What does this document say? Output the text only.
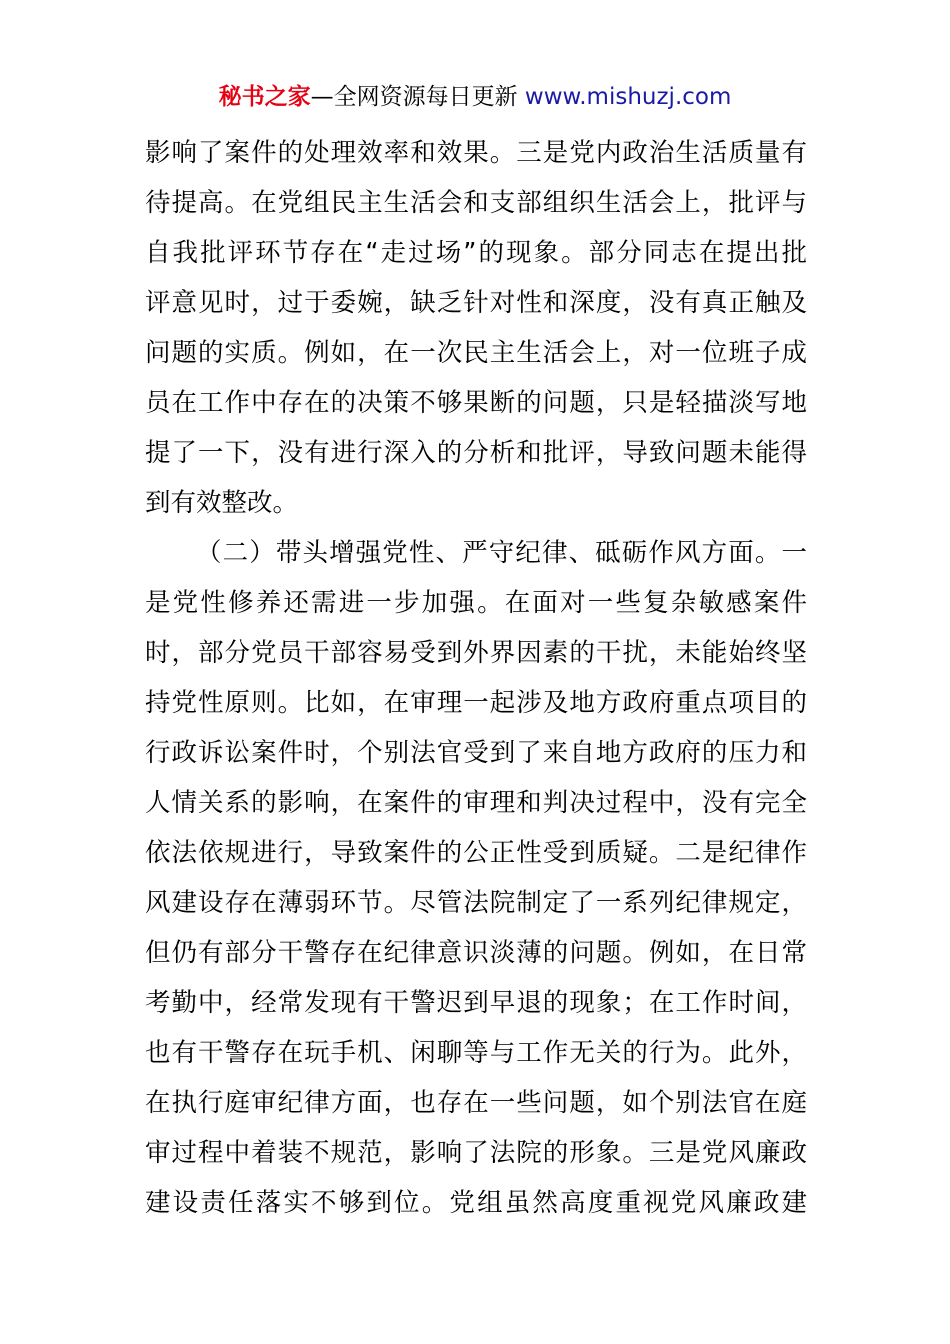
秘书之家—全网资源每日更新 www.mishuzj.com
影响了案件的处理效率和效果。三是党内政治生活质量有
待提高。在党组民主生活会和支部组织生活会上，批评与
自我批评环节存在“走过场”的现象。部分同志在提出批
评意见时，过于委婉，缺乏针对性和深度，没有真正触及
问题的实质。例如，在一次民主生活会上，对一位班子成
员在工作中存在的决策不够果断的问题，只是轻描淡写地
提了一下，没有进行深入的分析和批评，导致问题未能得
到有效整改。
（二）带头增强党性、严守纪律、砥砺作风方面。一
是党性修养还需进一步加强。在面对一些复杂敏感案件
时，部分党员干部容易受到外界因素的干扰，未能始终坚
持党性原则。比如，在审理一起涉及地方政府重点项目的
行政诉讼案件时，个别法官受到了来自地方政府的压力和
人情关系的影响，在案件的审理和判决过程中，没有完全
依法依规进行，导致案件的公正性受到质疑。二是纪律作
风建设存在薄弱环节。尽管法院制定了一系列纪律规定，
但仍有部分干警存在纪律意识淡薄的问题。例如，在日常
考勤中，经常发现有干警迟到早退的现象；在工作时间，
也有干警存在玩手机、闲聊等与工作无关的行为。此外，
在执行庭审纪律方面，也存在一些问题，如个别法官在庭
审过程中着装不规范，影响了法院的形象。三是党风廉政
建设责任落实不够到位。党组虽然高度重视党风廉政建
